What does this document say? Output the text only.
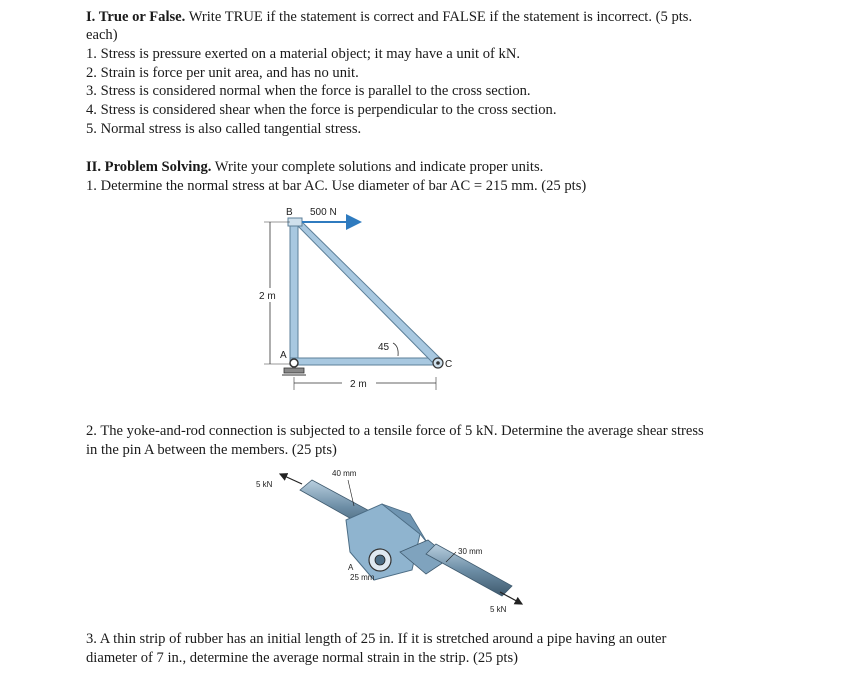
I. True or False. Write TRUE if the statement is correct and FALSE if the statement is incorrect. (5 pts.
each)
1. Stress is pressure exerted on a material object; it may have a unit of kN.
2. Strain is force per unit area, and has no unit.
3. Stress is considered normal when the force is parallel to the cross section.
4. Stress is considered shear when the force is perpendicular to the cross section.
5. Normal stress is also called tangential stress.
II. Problem Solving. Write your complete solutions and indicate proper units.
1. Determine the normal stress at bar AC. Use diameter of bar AC = 215 mm. (25 pts)
B 500 N
A
C
45
2 m
2 m
2. The yoke-and-rod connection is subjected to a tensile force of 5 kN. Determine the average shear stress
in the pin A between the members. (25 pts)
5 kN
40 mm
30 mm
A
25 mm
5 kN
3. A thin strip of rubber has an initial length of 25 in. If it is stretched around a pipe having an outer
diameter of 7 in., determine the average normal strain in the strip. (25 pts)
